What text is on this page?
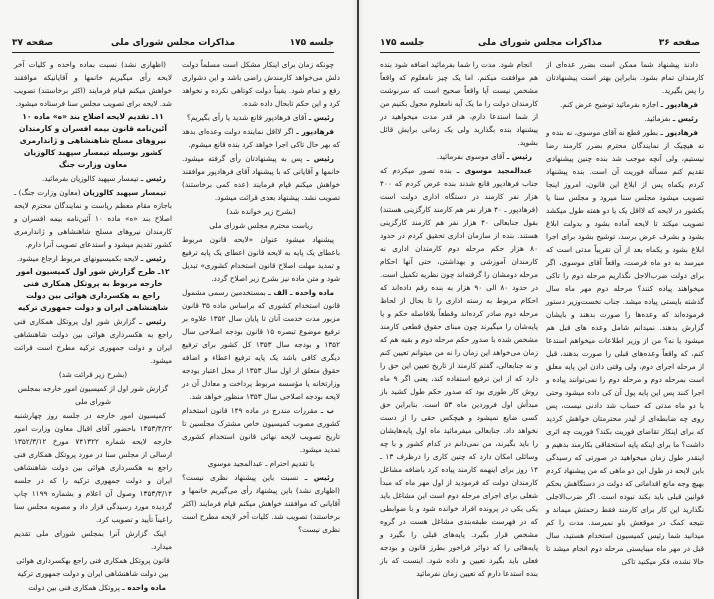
جلسه ۱۷۵
مذاکرات مجلس شورای ملی
صفحه ۳۷

چونکه زمان برای اینکار مشکل است مسلماً دولت دلش می‌خواهد کارمندش راضی باشد و این دشواری رفع و تمام شود. یقیناً دولت کوتاهی نکرده و نخواهد کرد و این حکم تابحال داده شده.

رئیس ـ آقای فرهادپور قانع شدید یا رأی بگیریم؟

فرهادپور ـ اگر لااقل نماینده دولت وعده‌ای بدهد که بهر حال تاکی اجرا خواهد کرد بنده قانع میشوم.

رئیس ـ پس به پیشنهادتان رأی گرفته میشود. خانمها و آقایانی که با پیشنهاد آقای فرهادپور موافقند خواهش میکنم قیام فرمایند (عده کمی برخاستند) تصویب نشد. پیشنهاد بعدی قرائت میشود.

(بشرح زیر خوانده شد)

ریاست محترم مجلس شورای ملی

پیشنهاد میشود عنوان «لایحه قانون مربوط باعطای یک پایه به لایحه قانون اعطای یک پایه ترفیع و تمدید مهلت اصلاح قانون استخدام کشوری» تبدیل شود و متن ماده نیز بشرح زیر اصلاح گردد.

ماده واحده ـ الف ـ بمستخدمین رسمی مشمول قانون استخدام کشوری که براساس ماده ۳۵ قانون مزبور مدت خدمت آنان تا پایان سال ۱۳۵۲ علاوه بر ترفیع موضوع تبصره ۱۵ قانون بودجه اصلاحی سال ۱۳۵۲ و بودجه سال ۱۳۵۳ کل کشور برای ترفیع دیگری کافی باشد یک پایه ترفیع اعطاء و اضافه حقوق متعلق از اول سال ۱۳۵۳ از محل اعتبار بودجه وزارتخانه یا مؤسسه مربوط پرداخت و معادل آن در لایحه بودجه اصلاحی سال ۱۳۵۳ منظور خواهد شد.

ب ـ مقررات مندرج در ماده ۱۴۹ قانون استخدام کشوری مصوب کمیسیون خاص مشترک مجلسین تا تاریخ تصویب لایحه نهائی قانون استخدام کشوری تمدید میشود.

با تقدیم احترام ـ عبدالمجید موسوی

رئیس ـ نسبت باین پیشنهاد نظری نیست؟ (اظهاری نشد) باین پیشنهاد رأی می‌گیریم خانمها و آقایانی که موافقند خواهش میکنم قیام فرمایند (اکثر برخاستند) تصویب شد. کلیات آخر لایحه مطرح است نظری نیست؟

(اظهاری نشد) نسبت بماده واحده و کلیات آخر لایحه رأی میگیریم خانمها و آقایانیکه موافقند خواهش میکنم قیام فرمایند (اکثر برخاستند) تصویب شد. لایحه برای تصویب مجلس سنا فرستاده میشود.

۱۱ـ تقدیم لایحه اصلاح بند «ه» ماده ۱۰ آئین‌نامه قانون بیمه افسران و کارمندان نیروهای مسلح شاهنشاهی و ژاندارمری کشور بوسیله تیمسار سپهبد کالوزیان معاون وزارت جنگ

رئیس ـ تیمسار سپهبد کالوزیان بفرمائید.

تیمسار سپهبد کالوزیان (معاون وزارت جنگ) ـ باجازه مقام معظم ریاست و نمایندگان محترم لایحه اصلاح بند «ه» ماده ۱۰ آئین‌نامه بیمه افسران و کارمندان نیروهای مسلح شاهنشاهی و ژاندارمری کشور تقدیم میشود و استدعای تصویب آنرا دارم.

رئیس ـ لایحه بکمیسیونهای مربوط ارجاع میشود.

۱۲ـ طرح گزارش شور اول کمیسیون امور خارجه مربوط به پروتکل همکاری فنی راجع به هکسرداری هوائی بین دولت شاهنشاهی ایران و دولت جمهوری ترکیه

رئیس ـ گزارش شور اول پروتکل همکاری فنی راجع به هکسرداری هوائی بین دولت شاهنشاهی ایران و دولت جمهوری ترکیه مطرح است قرائت میشود.

(بشرح زیر قرائت شد)

گزارش شور اول از کمیسیون امور خارجه بمجلس شورای ملی

کمیسیون امور خارجه در جلسه روز چهارشنبه ۱۳۵۳/۳/۲۲ باحضور آقای اقبال معاون وزارت امور خارجه لایحه شماره ۷۴۱۳۲۲ مورخ ۱۳۵۲/۳/۱۲ ارسالی از مجلس سنا در مورد پروتکل همکاری فنی راجع به هکسرداری هوائی بین دولت شاهنشاهی ایران و دولت جمهوری ترکیه را که در جلسه ۱۳۵۳/۳/۱۴ وصول آن اعلام و بشماره ۱۱۹۹ چاپ گردیده مورد رسیدگی قرار داد و مصوبه مجلس سنا راعیناً تأیید و تصویب کرد.

اینک گزارش آنرا بمجلس شورای ملی تقدیم میدارد.

قانون پروتکل همکاری فنی راجع بهکسرداری هوائی بین دولت شاهنشاهی ایران و دولت جمهوری ترکیه

ماده واحده ـ پروتکل همکاری فنی بین دولت

صفحه ۳۶
مذاکرات مجلس شورای ملی
جلسه ۱۷۵

دادند پیشنهاد شما ممکن است بضرر عده‌ای از کارمندان تمام بشود. بنابراین بهتر است پیشنهادتان را پس بگیرید.

فرهادپور ـ اجازه بفرمائید توضیح عرض کنم.

رئیس ـ بفرمائید.

فرهادپور ـ بطور قطع نه آقای موسوی، نه بنده و نه هیچیک از نمایندگان محترم بضرر کارمند رضا نیستیم، ولی آنچه موجب شد بنده چنین پیشنهادی تقدیم کنم مسأله فوریت آن است. بنده پیشنهاد کردم یکماه پس از ابلاغ این قانون، امروز اینجا تصویب میشود مجلس سنا میرود و مجلس سنا یا یکشور در لایحه که لااقل یک یا دو هفته طول میکشد تصویب میکند تا لایحه آماده بشود و بدولت ابلاغ بشود و بشرف عرض برسد، توشیح بشود برای اجرا ابلاغ بشود و یکماه بعد از آن تقریباً مدتی است که میرسد به دو ماه فرصت، واقعاً آقای موسوی، اگر برای دولت ضرب‌الاجل نگذاریم مرحله دوم را تاکی میخواهند پیاده کنند؟ مرحله دوم مهر ماه سال گذشته بایستی پیاده میشد. جناب نخست‌وزیر دستور فرموده‌اند که وعده‌ها را صورت بدهند و بایشان گزارش بدهند. نمیدانم شامل وعده های قبل هم میشود یا نه؟ من از وزیر اطلاعات میخواهم استدعا کنم، که واقعاً وعده‌های قبلی را صورت بدهند، قبل از مرحله اجرای دوم، ولی وقتی دادن این پایه معلق است بمرحله دوم و مرحله دوم را نمی‌توانند پیاده و اجرا کنند پس این پایه پول آن کی داده میشود وحتی با دو ماه مدتی که حساب شد دادنی نیست، پس روی چه ضابطه‌ای از لیدر محترمتان خواهش کردید که برای اینکار تقاضای فوریت بکند؟ فوریت چه اثری داشت؟ ما برای اینکه پایه استحقاقی بکارمند بدهیم و اینقدر طول زمان میخواهید در صورتی که رسیدگی باین لایحه در طول این دو ماهی که من پیشنهاد کردم بهیچ وجه مانع اقداماتی که دولت در دستگاهش بحکم قوانین قبلی باید بکند نبوده است. اگر ضرب‌الاجلی نگذارید این کار برای کارمند فقط زحمتش میماند و نتیجه کمک در موقعش باو نمیرسد. مدت را کم میدانید شما رئیس کمیسیون استخدام هستید، سال قبل در مهر ماه میبایستی مرحله دوم انجام میشد تا حالا نشده، فکر میکنید تاکی

انجام شود. مدت را شما بفرمائید اضافه شود بنده هم موافقت میکنم. اما یک چیز نامعلوم که واقعاً مشخص نیست آیا واقعاً صحیح است که سرنوشت کارمندان دولت را ما یک آیه نامعلوم محول بکنیم من از شما استدعا دارم، هر قدر مدت میخواهید در پیشنهاد بنده بگذارید ولی یک زمانی برایش قائل بشوید.

رئیس ـ آقای موسوی بفرمائید.

عبدالمجید موسوی ـ بنده تصور میکردم که جناب فرهادپور قانع شدند بنده عرض کردم که ۴۰۰ هزار نفر کارمند در دستگاه اداری دولت است (فرهادپور ـ ۴۰ هزار نفر هم کارمند کارگزینی هستند) بقول جنابعالی ۴۰ هزار نفر هم کارمند کارگزینی هستند. بنده از سازمان اداری تحقیق کردم در حدود ۸۰ هزار حکم مرحله دوم کارمندان اداری نه کارمندان آموزشی و بهداشتی، حتی آنها احکام مرحله دومشان را گرفته‌اند چون نظریه تکمیل است. در حدود ۸۰ الی ۹۰ هزار به بنده رقم داده‌اند که احکام مربوط به رسته اداری را تا بحال از لحاظ مرحله دوم صادر کرده‌اند وقطعاً بلافاصله حکم و یا پایه‌شان را میگیرند چون مبنای حقوق قطعی کارمند مشخص شده با صدور حکم مرحله دوم و بقیه هم که زمان می‌خواهد این زمان را نه من میتوانم تعیین کنم و نه جنابعالی، گفتم کارمند از تاریخ تعیین این حق را دارد که از این ترفیع استفاده کند، یعنی اگر ۹ ماه روش کار طوری بود که صدور حکم طول کشید باز مبدأش اول فروردین ماه ۵۳ است. بنابراین حق کسی ضایع نمیشود و هیچکس حقی را از دست نخواهد داد. جنابعالی میفرمائید ماه اول پایه‌هایشان را باید بگیرند، من نمی‌دانم در کدام کشور و با چه وسائلی امکان دارد که چنین کاری را درظرف ۱۳ ـ ۱۴ روز برای اینهمه کارمند پیاده کرد باضافه مشاغل کارمندان دولت که فرمودید از اول مهر ماه که مبدأ شغلی برای اجرای مرحله دوم است این مشاغل باید یکی یکی در پرونده افراد خوانده شود و با ضوابطی که در فهرست طبقه‌بندی مشاغل هست در گروه مشخص قرار بگیرد. پایه‌های قبلی را بگیرد و پایه‌هائی را که دوائر فراخور بطرز قانون و بودجه فعلی باید بگیرد تعیین و داده شود. اینست که باز بنده استدعا دارم که تعیین زمان نفرمائید
